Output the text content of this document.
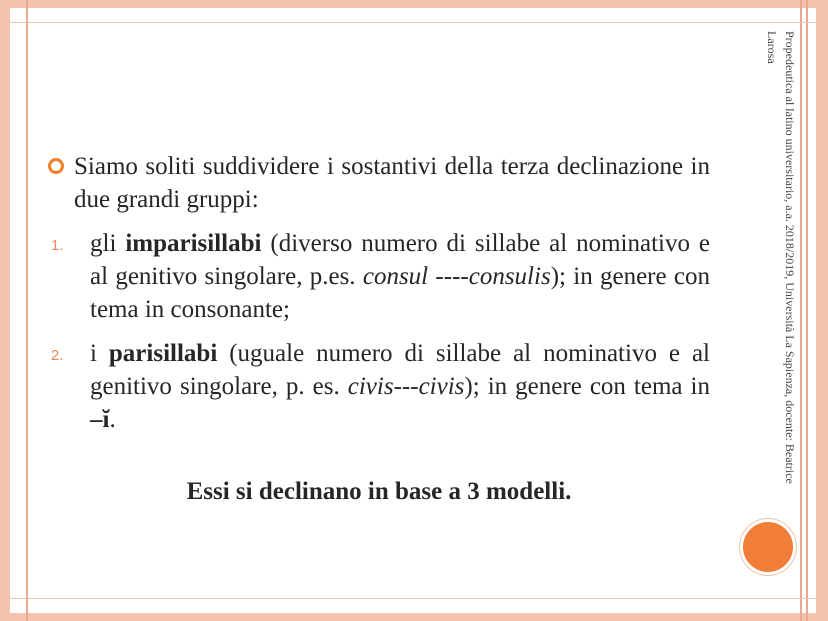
Propedeutica al latino universitario, a.a. 2018/2019, Università La Sapienza, docente: Beatrice Larosa
Siamo soliti suddividere i sostantivi della terza declinazione in due grandi gruppi:
1. gli imparisillabi (diverso numero di sillabe al nominativo e al genitivo singolare, p.es. consul ----consulis); in genere con tema in consonante;
2. i parisillabi (uguale numero di sillabe al nominativo e al genitivo singolare, p. es. civis---civis); in genere con tema in –ĭ.
Essi si declinano in base a 3 modelli.
